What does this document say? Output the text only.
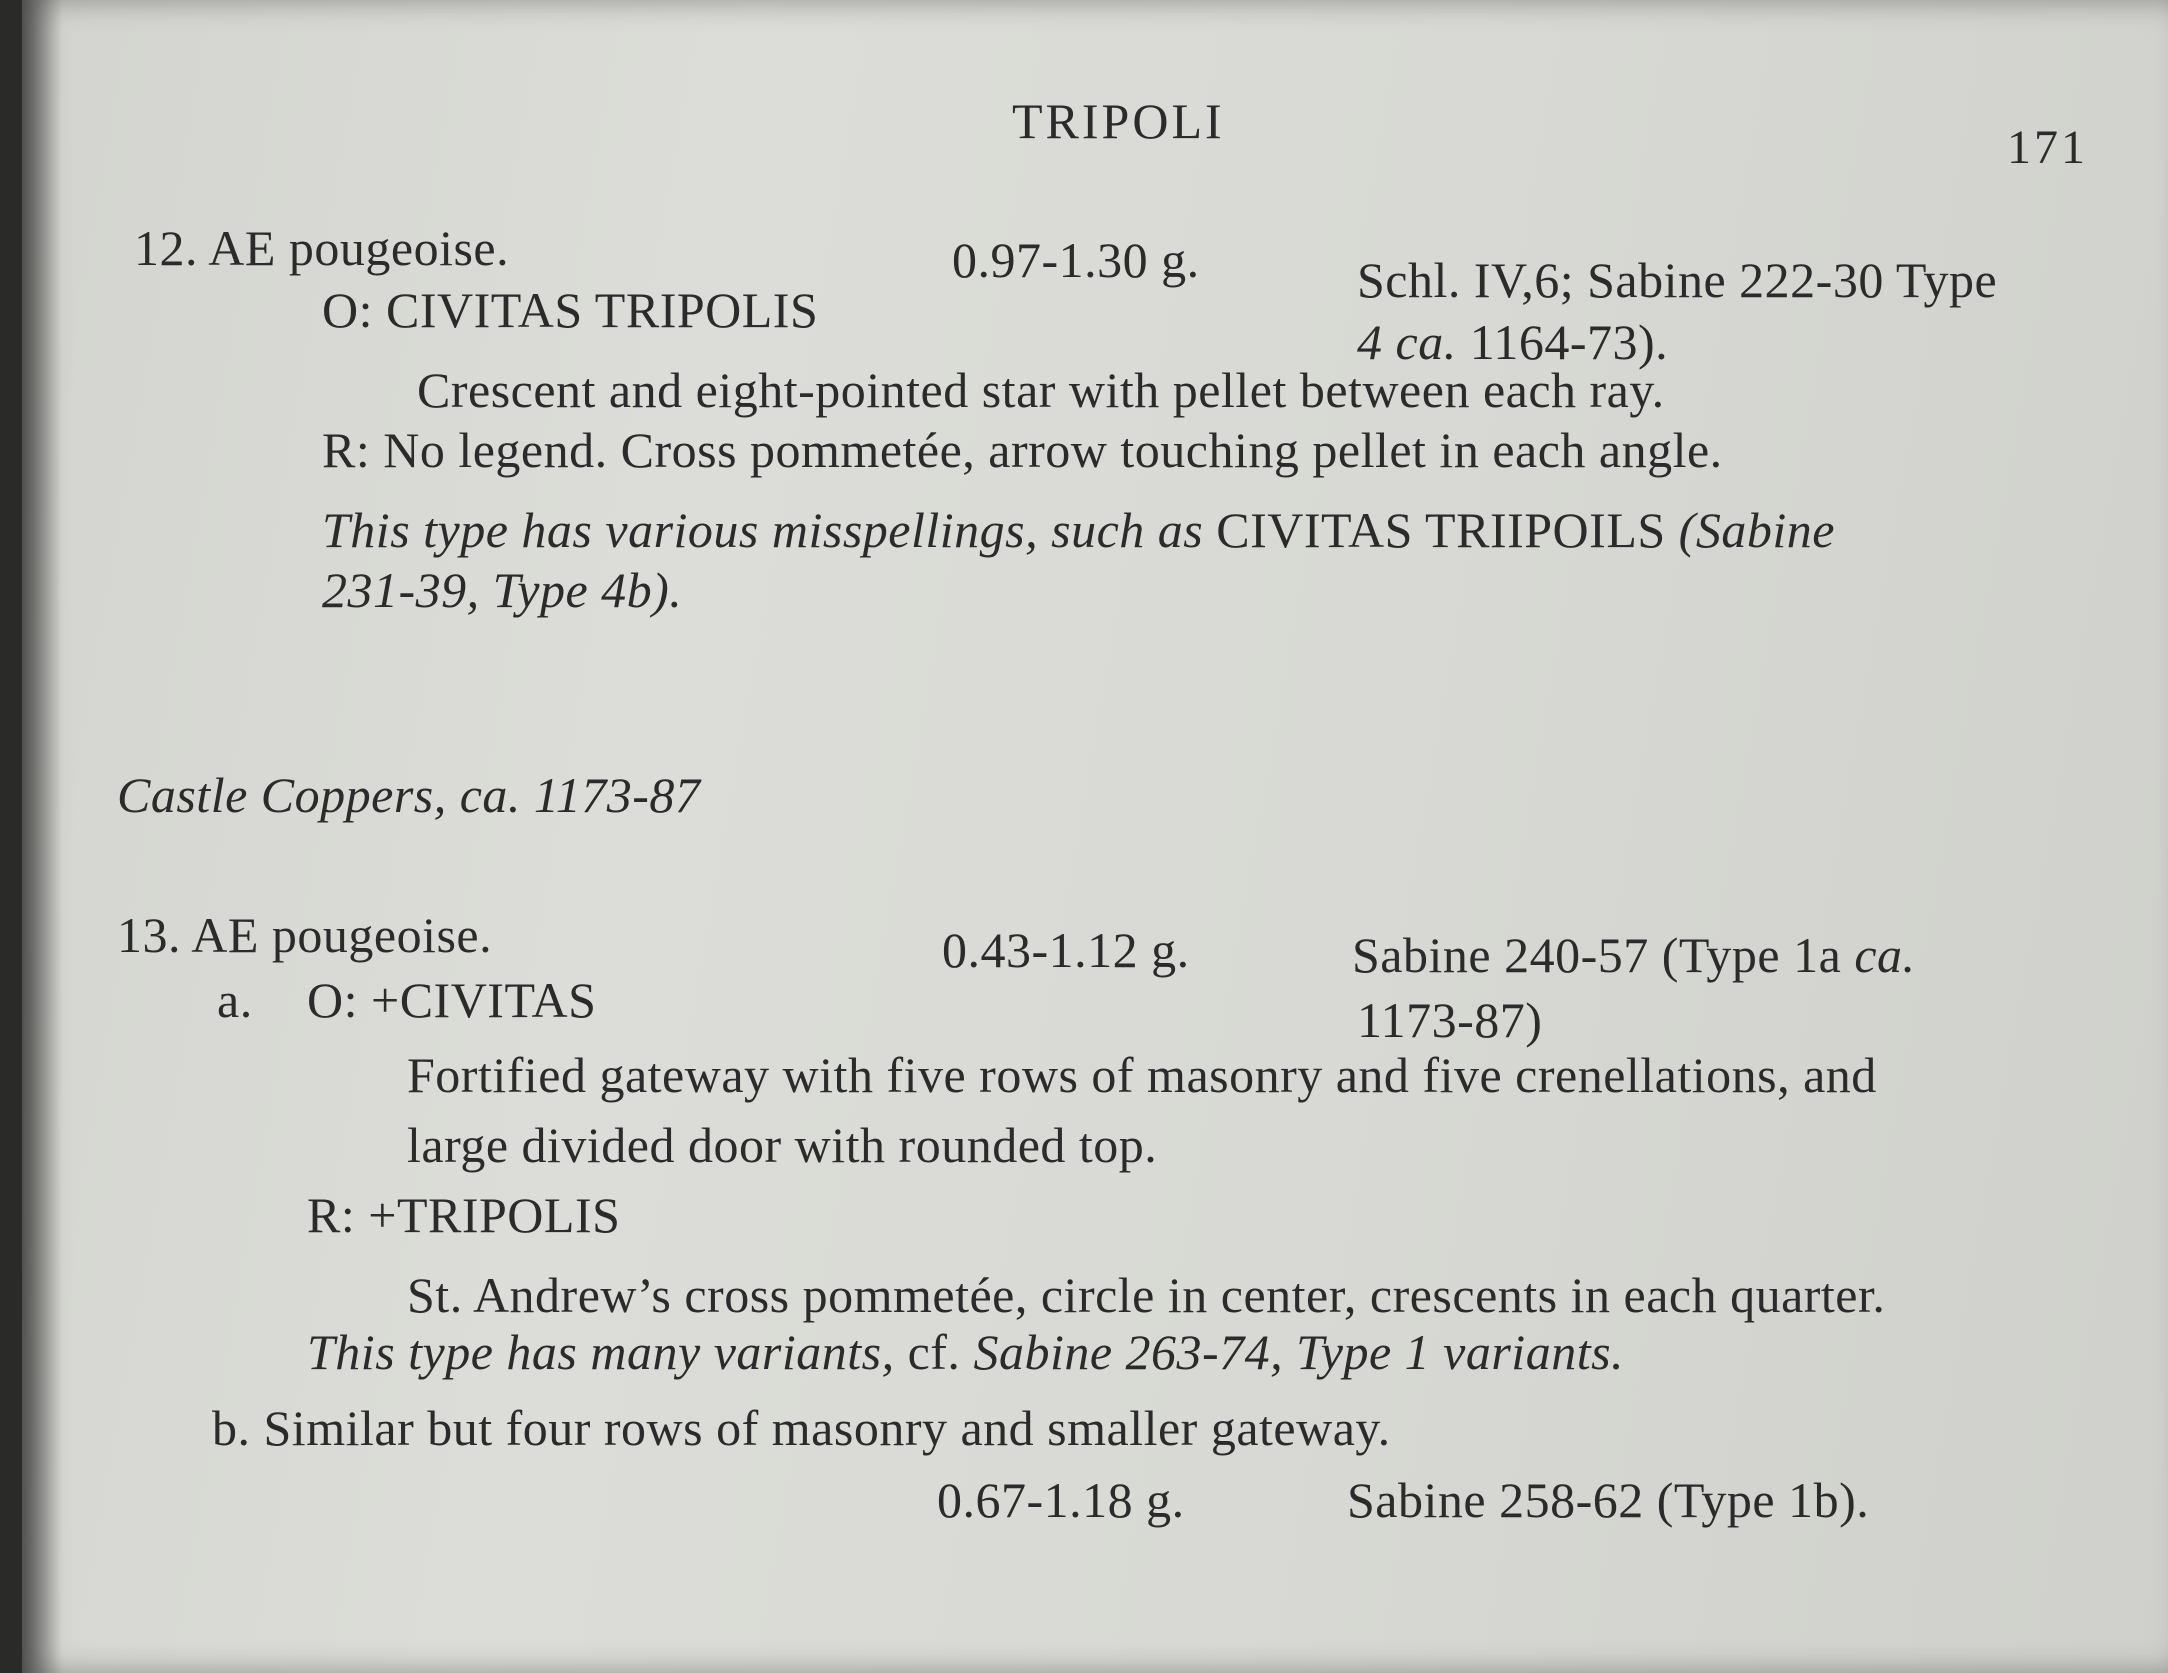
TRIPOLI	171
12. AE pougeoise.	0.97-1.30 g.	Schl. IV,6; Sabine 222-30 Type
4 ca. 1164-73).
O: CIVITAS TRIPOLIS
Crescent and eight-pointed star with pellet between each ray.
R: No legend. Cross pommetée, arrow touching pellet in each angle.
This type has various misspellings, such as CIVITAS TRIIPOILS (Sabine
231-39, Type 4b).
Castle Coppers, ca. 1173-87
13. AE pougeoise.	0.43-1.12 g.	Sabine 240-57 (Type 1a ca.
1173-87)
a. O: +CIVITAS
Fortified gateway with five rows of masonry and five crenellations, and
large divided door with rounded top.
R: +TRIPOLIS
St. Andrew’s cross pommetée, circle in center, crescents in each quarter.
This type has many variants, cf. Sabine 263-74, Type 1 variants.
b. Similar but four rows of masonry and smaller gateway.
0.67-1.18 g.	Sabine 258-62 (Type 1b).
